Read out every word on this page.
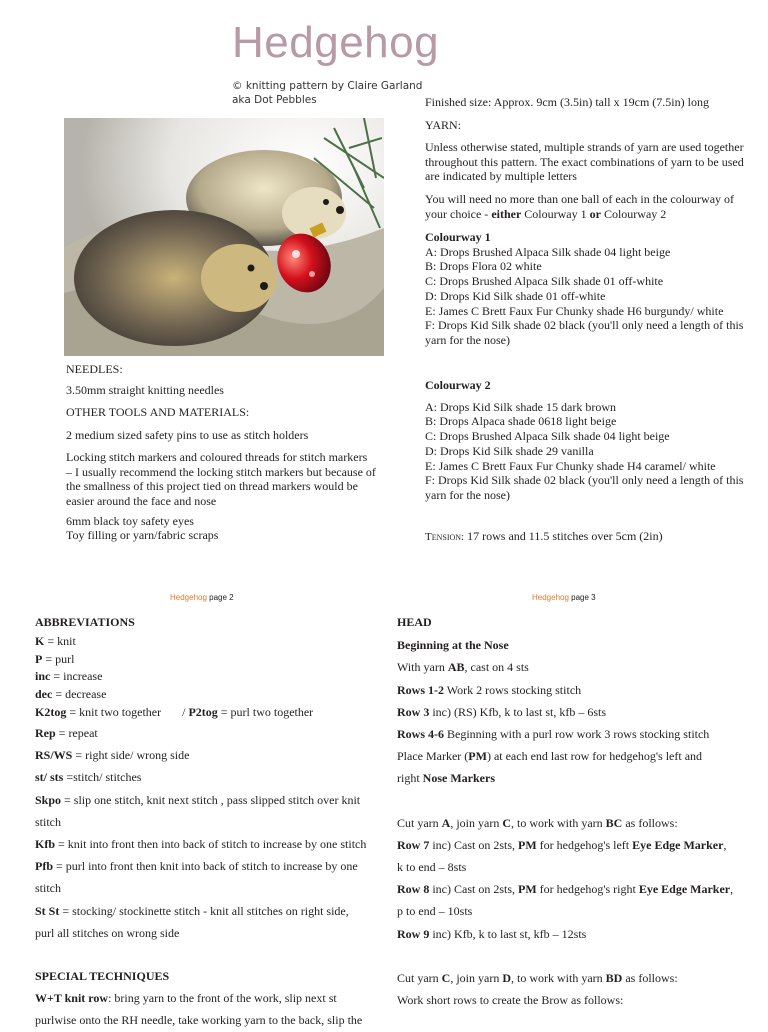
Hedgehog
© knitting pattern by Claire Garland
aka Dot Pebbles	Finished size: Approx. 9cm (3.5in) tall x 19cm (7.5in) long
YARN:
Unless otherwise stated, multiple strands of yarn are used together throughout this pattern. The exact combinations of yarn to be used are indicated by multiple letters
You will need no more than one ball of each in the colourway of your choice - either Colourway 1 or Colourway 2
Colourway 1
A: Drops Brushed Alpaca Silk shade 04 light beige
B: Drops Flora 02 white
C: Drops Brushed Alpaca Silk shade 01 off-white
D: Drops Kid Silk shade 01 off-white
E: James C Brett Faux Fur Chunky shade H6 burgundy/ white
F: Drops Kid Silk shade 02 black (you'll only need a length of this
yarn for the nose)
Colourway 2
A: Drops Kid Silk shade 15 dark brown
B: Drops Alpaca shade 0618 light beige
C: Drops Brushed Alpaca Silk shade 04 light beige
D: Drops Kid Silk shade 29 vanilla
E: James C Brett Faux Fur Chunky shade H4 caramel/ white
F: Drops Kid Silk shade 02 black (you'll only need a length of this
yarn for the nose)
Tension: 17 rows and 11.5 stitches over 5cm (2in)
NEEDLES:
3.50mm straight knitting needles
OTHER TOOLS AND MATERIALS:
2 medium sized safety pins to use as stitch holders
Locking stitch markers and coloured threads for stitch markers – I usually recommend the locking stitch markers but because of the smallness of this project tied on thread markers would be easier around the face and nose
6mm black toy safety eyes
Toy filling or yarn/fabric scraps
Hedgehog page 2	Hedgehog page 3
ABBREVIATIONS
K = knit
P = purl
inc = increase
dec = decrease
K2tog = knit two together       / P2tog = purl two together
Rep = repeat
RS/WS = right side/ wrong side
st/ sts =stitch/ stitches
Skpo = slip one stitch, knit next stitch , pass slipped stitch over knit stitch
Kfb = knit into front then into back of stitch to increase by one stitch
Pfb = purl into front then knit into back of stitch to increase by one stitch
St St = stocking/ stockinette stitch - knit all stitches on right side, purl all stitches on wrong side
SPECIAL TECHNIQUES
W+T knit row: bring yarn to the front of the work, slip next st purlwise onto the RH needle, take working yarn to the back, slip the
HEAD
Beginning at the Nose
With yarn AB, cast on 4 sts
Rows 1-2 Work 2 rows stocking stitch
Row 3 inc) (RS) Kfb, k to last st, kfb – 6sts
Rows 4-6 Beginning with a purl row work 3 rows stocking stitch
Place Marker (PM) at each end last row for hedgehog's left and
right Nose Markers
Cut yarn A, join yarn C, to work with yarn BC as follows:
Row 7 inc) Cast on 2sts, PM for hedgehog's left Eye Edge Marker,
k to end – 8sts
Row 8 inc) Cast on 2sts, PM for hedgehog's right Eye Edge Marker,
p to end – 10sts
Row 9 inc) Kfb, k to last st, kfb – 12sts
Cut yarn C, join yarn D, to work with yarn BD as follows:
Work short rows to create the Brow as follows:
